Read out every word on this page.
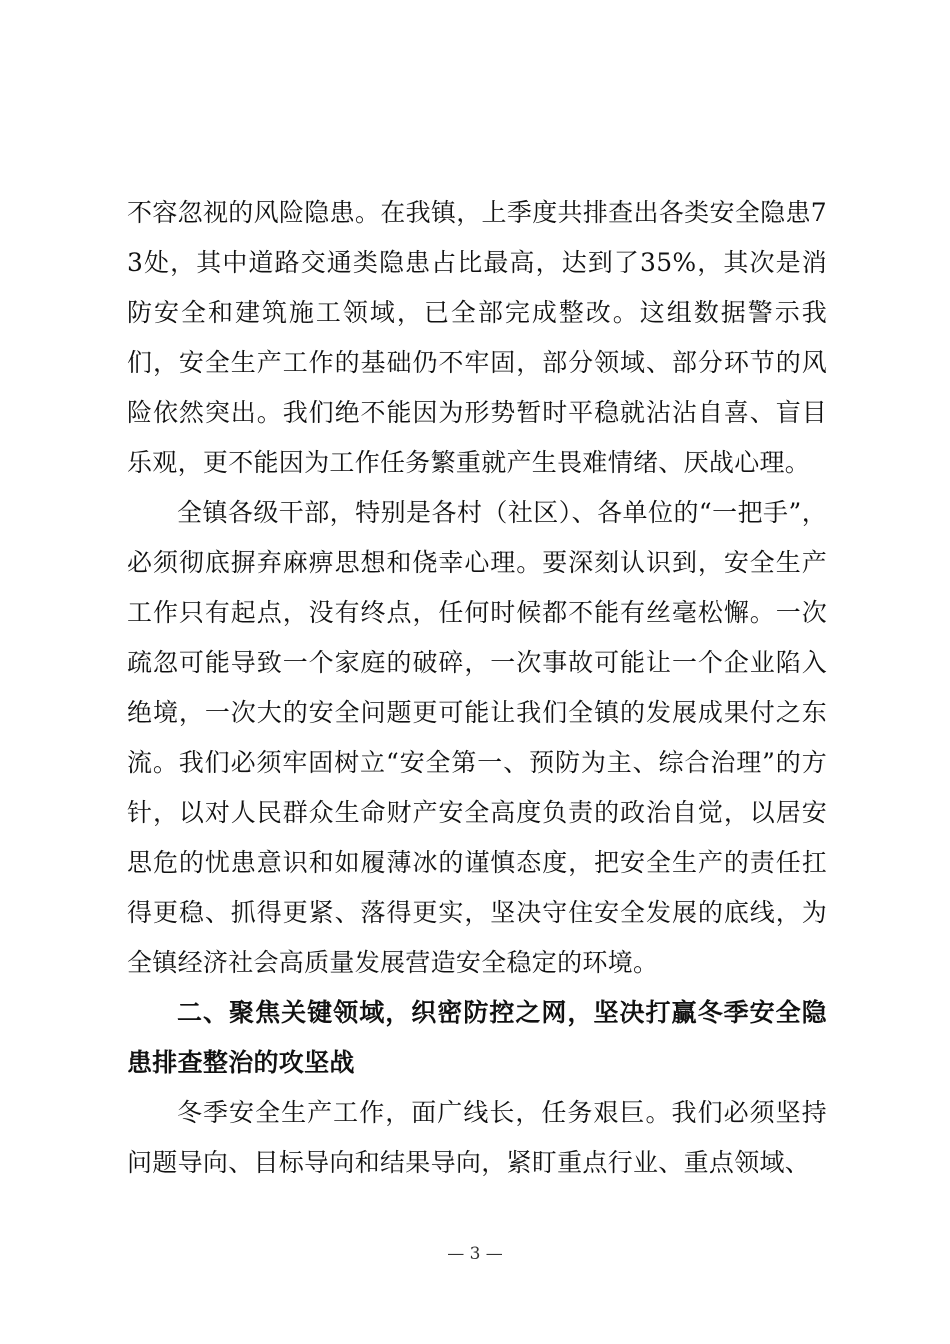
不容忽视的风险隐患。在我镇，上季度共排查出各类安全隐患73处，其中道路交通类隐患占比最高，达到了35%，其次是消防安全和建筑施工领域，已全部完成整改。这组数据警示我们，安全生产工作的基础仍不牢固，部分领域、部分环节的风险依然突出。我们绝不能因为形势暂时平稳就沾沾自喜、盲目乐观，更不能因为工作任务繁重就产生畏难情绪、厌战心理。

全镇各级干部，特别是各村（社区）、各单位的“一把手”，必须彻底摒弃麻痹思想和侥幸心理。要深刻认识到，安全生产工作只有起点，没有终点，任何时候都不能有丝毫松懈。一次疏忽可能导致一个家庭的破碎，一次事故可能让一个企业陷入绝境，一次大的安全问题更可能让我们全镇的发展成果付之东流。我们必须牢固树立“安全第一、预防为主、综合治理”的方针，以对人民群众生命财产安全高度负责的政治自觉，以居安思危的忧患意识和如履薄冰的谨慎态度，把安全生产的责任扛得更稳、抓得更紧、落得更实，坚决守住安全发展的底线，为全镇经济社会高质量发展营造安全稳定的环境。

二、聚焦关键领域，织密防控之网，坚决打赢冬季安全隐患排查整治的攻坚战

冬季安全生产工作，面广线长，任务艰巨。我们必须坚持问题导向、目标导向和结果导向，紧盯重点行业、重点领域、

— 3 —
